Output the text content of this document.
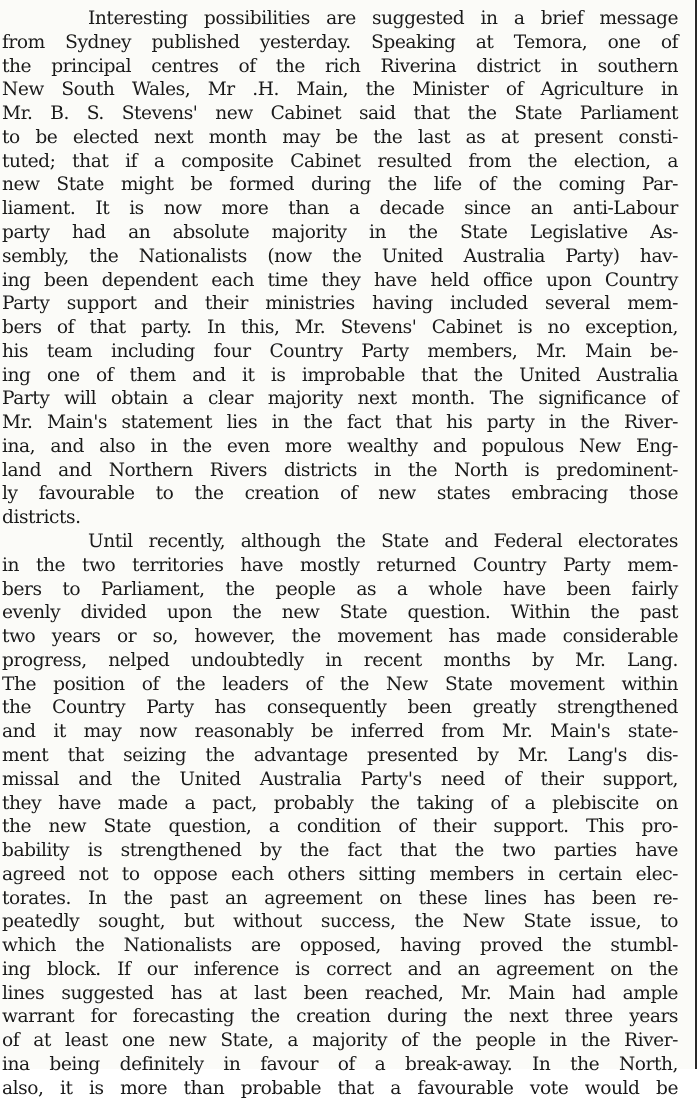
Interesting possibilities are suggested in a brief message
from Sydney published yesterday. Speaking at Temora, one of
the principal centres of the rich Riverina district in southern
New South Wales, Mr .H. Main, the Minister of Agriculture in
Mr. B. S. Stevens' new Cabinet said that the State Parliament
to be elected next month may be the last as at present consti-
tuted; that if a composite Cabinet resulted from the election, a
new State might be formed during the life of the coming Par-
liament. It is now more than a decade since an anti-Labour
party had an absolute majority in the State Legislative As-
sembly, the Nationalists (now the United Australia Party) hav-
ing been dependent each time they have held office upon Country
Party support and their ministries having included several mem-
bers of that party. In this, Mr. Stevens' Cabinet is no exception,
his team including four Country Party members, Mr. Main be-
ing one of them and it is improbable that the United Australia
Party will obtain a clear majority next month. The significance of
Mr. Main's statement lies in the fact that his party in the River-
ina, and also in the even more wealthy and populous New Eng-
land and Northern Rivers districts in the North is predominent-
ly favourable to the creation of new states embracing those
districts.
Until recently, although the State and Federal electorates
in the two territories have mostly returned Country Party mem-
bers to Parliament, the people as a whole have been fairly
evenly divided upon the new State question. Within the past
two years or so, however, the movement has made considerable
progress, nelped undoubtedly in recent months by Mr. Lang.
The position of the leaders of the New State movement within
the Country Party has consequently been greatly strengthened
and it may now reasonably be inferred from Mr. Main's state-
ment that seizing the advantage presented by Mr. Lang's dis-
missal and the United Australia Party's need of their support,
they have made a pact, probably the taking of a plebiscite on
the new State question, a condition of their support. This pro-
bability is strengthened by the fact that the two parties have
agreed not to oppose each others sitting members in certain elec-
torates. In the past an agreement on these lines has been re-
peatedly sought, but without success, the New State issue, to
which the Nationalists are opposed, having proved the stumbl-
ing block. If our inference is correct and an agreement on the
lines suggested has at last been reached, Mr. Main had ample
warrant for forecasting the creation during the next three years
of at least one new State, a majority of the people in the River-
ina being definitely in favour of a break-away. In the North,
also, it is more than probable that a favourable vote would be
